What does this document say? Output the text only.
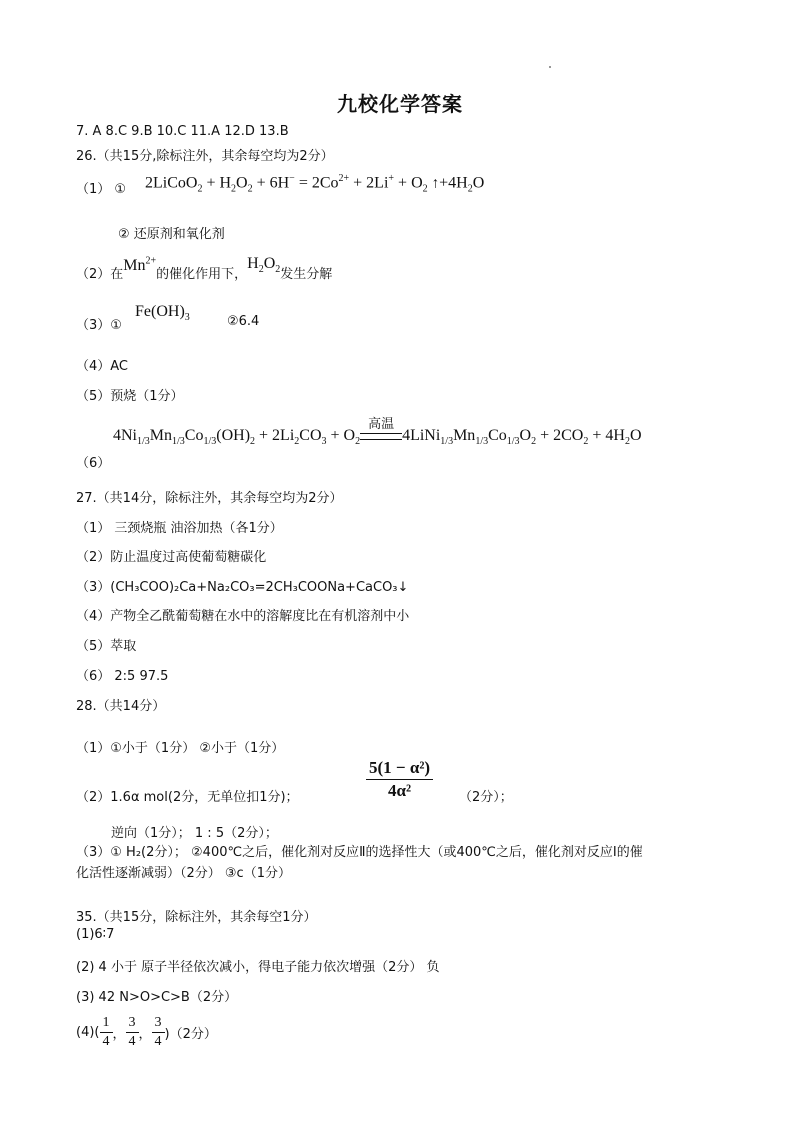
九校化学答案
7. A 8.C 9.B 10.C 11.A 12.D 13.B
26.（共15分,除标注外，其余每空均为2分）
（1） ① 2LiCoO$_2$ + $H_2O_2 + 6H^- = 2Co^{2+} + 2Li^+ + O_2$ $↑+4H_2O$
② 还原剂和氧化剂
（2）在$Mn^{2+}$的催化作用下，$H_2O_2$发生分解
（3）①
$Fe(OH)_3$	②6.4
（4）AC
（5）预烧（1分）
$4Ni_{1/3}Mn_{1/3}Co_{1/3}(OH)_2 + 2Li_2CO_3 + O_2$
高温
$4LiNi_{1/3}Mn_{1/3}Co_{1/3}O_2 + 2CO_2 + 4H_2O$
（6）
27.（共14分，除标注外，其余每空均为2分）
（1） 三颈烧瓶 油浴加热（各1分）
（2）防止温度过高使葡萄糖碳化
（3）(CH₃COO)₂Ca+Na₂CO₃=2CH₃COONa+CaCO₃↓
（4）产物全乙酰葡萄糖在水中的溶解度比在有机溶剂中小
（5）萃取
（6） 2:5 97.5
28.（共14分）
（1）①小于（1分） ②小于（1分）
（2）1.6α mol(2分，无单位扣1分)；	$\frac{\text{5(1 − α²)}}{\text{4α²}} (2$分）；
逆向（1分）； 1 : 5（2分）；
（3）① H₂(2分）； ②400℃之后，催化剂对反应Ⅱ的选择性大（或400℃之后，催化剂对反应Ⅰ的催
化活性逐渐减弱）（2分） ③c（1分）
35.（共15分，除标注外，其余每空1分）
(1)6∶7
(2) 4 小于 原子半径依次减小，得电子能力依次增强（2分） 负
(3) 42 N>O>C>B（2分）
$(4)( \frac{1}{4}$ ， $\frac{3}{4}$ ， $\frac{3}{4} )(2$分）
